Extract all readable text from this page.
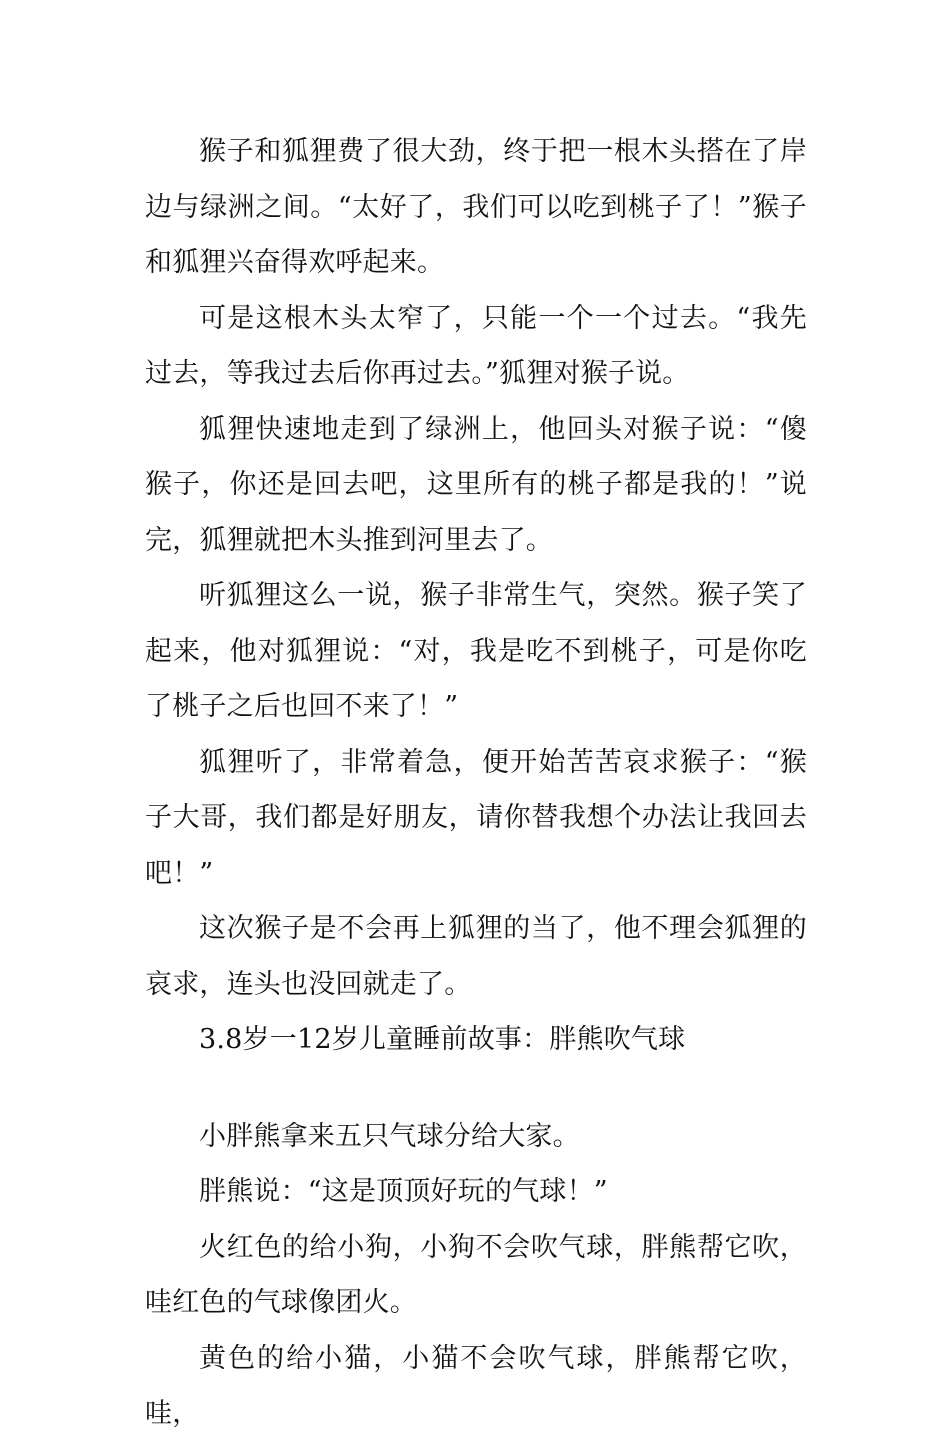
猴子和狐狸费了很大劲，终于把一根木头搭在了岸边与绿洲之间。“太好了，我们可以吃到桃子了！”猴子和狐狸兴奋得欢呼起来。

可是这根木头太窄了，只能一个一个过去。“我先过去，等我过去后你再过去。”狐狸对猴子说。

狐狸快速地走到了绿洲上，他回头对猴子说：“傻猴子，你还是回去吧，这里所有的桃子都是我的！”说完，狐狸就把木头推到河里去了。

听狐狸这么一说，猴子非常生气，突然。猴子笑了起来，他对狐狸说：“对，我是吃不到桃子，可是你吃了桃子之后也回不来了！”

狐狸听了，非常着急，便开始苦苦哀求猴子：“猴子大哥，我们都是好朋友，请你替我想个办法让我回去吧！”

这次猴子是不会再上狐狸的当了，他不理会狐狸的哀求，连头也没回就走了。

3.8岁一12岁儿童睡前故事：胖熊吹气球

小胖熊拿来五只气球分给大家。

胖熊说：“这是顶顶好玩的气球！”

火红色的给小狗，小狗不会吹气球，胖熊帮它吹，哇红色的气球像团火。

黄色的给小猫，小猫不会吹气球，胖熊帮它吹，哇，
